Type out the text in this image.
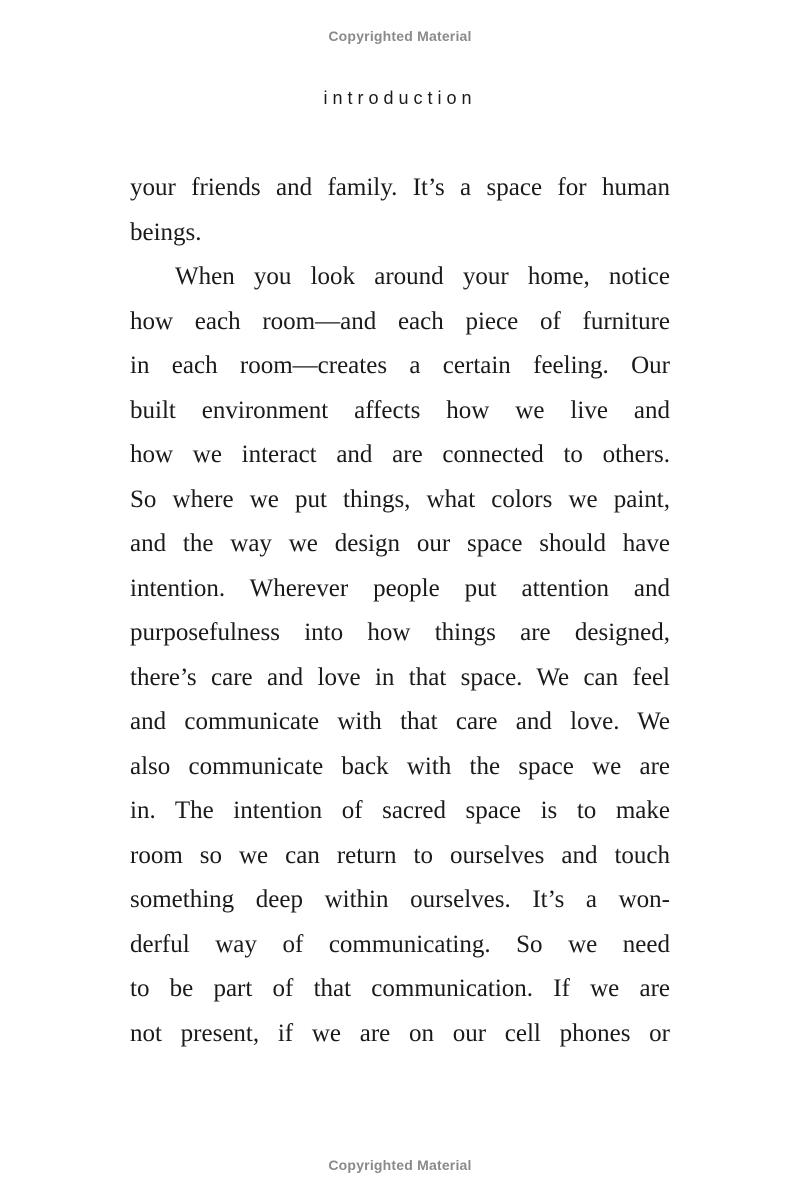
Copyrighted Material
introduction
your friends and family. It’s a space for human
beings.
When you look around your home, notice
how each room—and each piece of furniture
in each room—creates a certain feeling. Our
built environment affects how we live and
how we interact and are connected to others.
So where we put things, what colors we paint,
and the way we design our space should have
intention. Wherever people put attention and
purposefulness into how things are designed,
there’s care and love in that space. We can feel
and communicate with that care and love. We
also communicate back with the space we are
in. The intention of sacred space is to make
room so we can return to ourselves and touch
something deep within ourselves. It’s a won-
derful way of communicating. So we need
to be part of that communication. If we are
not present, if we are on our cell phones or
Copyrighted Material
